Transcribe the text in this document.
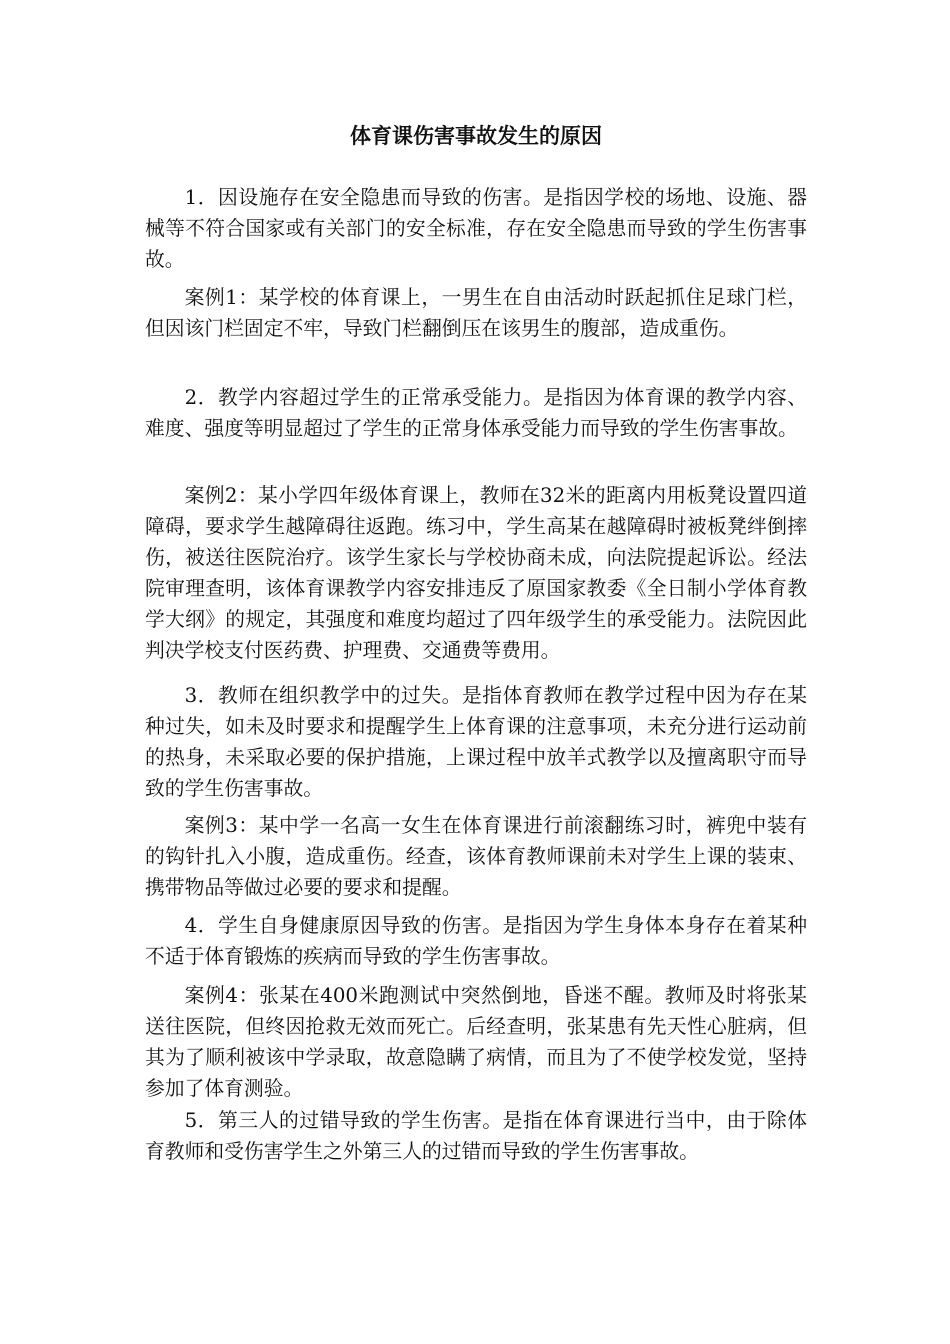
体育课伤害事故发生的原因

1．因设施存在安全隐患而导致的伤害。是指因学校的场地、设施、器械等不符合国家或有关部门的安全标准，存在安全隐患而导致的学生伤害事故。

案例1：某学校的体育课上，一男生在自由活动时跃起抓住足球门栏，但因该门栏固定不牢，导致门栏翻倒压在该男生的腹部，造成重伤。

2．教学内容超过学生的正常承受能力。是指因为体育课的教学内容、难度、强度等明显超过了学生的正常身体承受能力而导致的学生伤害事故。

案例2：某小学四年级体育课上，教师在32米的距离内用板凳设置四道障碍，要求学生越障碍往返跑。练习中，学生高某在越障碍时被板凳绊倒摔伤，被送往医院治疗。该学生家长与学校协商未成，向法院提起诉讼。经法院审理查明，该体育课教学内容安排违反了原国家教委《全日制小学体育教学大纲》的规定，其强度和难度均超过了四年级学生的承受能力。法院因此判决学校支付医药费、护理费、交通费等费用。

3．教师在组织教学中的过失。是指体育教师在教学过程中因为存在某种过失，如未及时要求和提醒学生上体育课的注意事项，未充分进行运动前的热身，未采取必要的保护措施，上课过程中放羊式教学以及擅离职守而导致的学生伤害事故。

案例3：某中学一名高一女生在体育课进行前滚翻练习时，裤兜中装有的钩针扎入小腹，造成重伤。经查，该体育教师课前未对学生上课的装束、携带物品等做过必要的要求和提醒。

4．学生自身健康原因导致的伤害。是指因为学生身体本身存在着某种不适于体育锻炼的疾病而导致的学生伤害事故。

案例4：张某在400米跑测试中突然倒地，昏迷不醒。教师及时将张某送往医院，但终因抢救无效而死亡。后经查明，张某患有先天性心脏病，但其为了顺利被该中学录取，故意隐瞒了病情，而且为了不使学校发觉，坚持参加了体育测验。

5．第三人的过错导致的学生伤害。是指在体育课进行当中，由于除体育教师和受伤害学生之外第三人的过错而导致的学生伤害事故。
